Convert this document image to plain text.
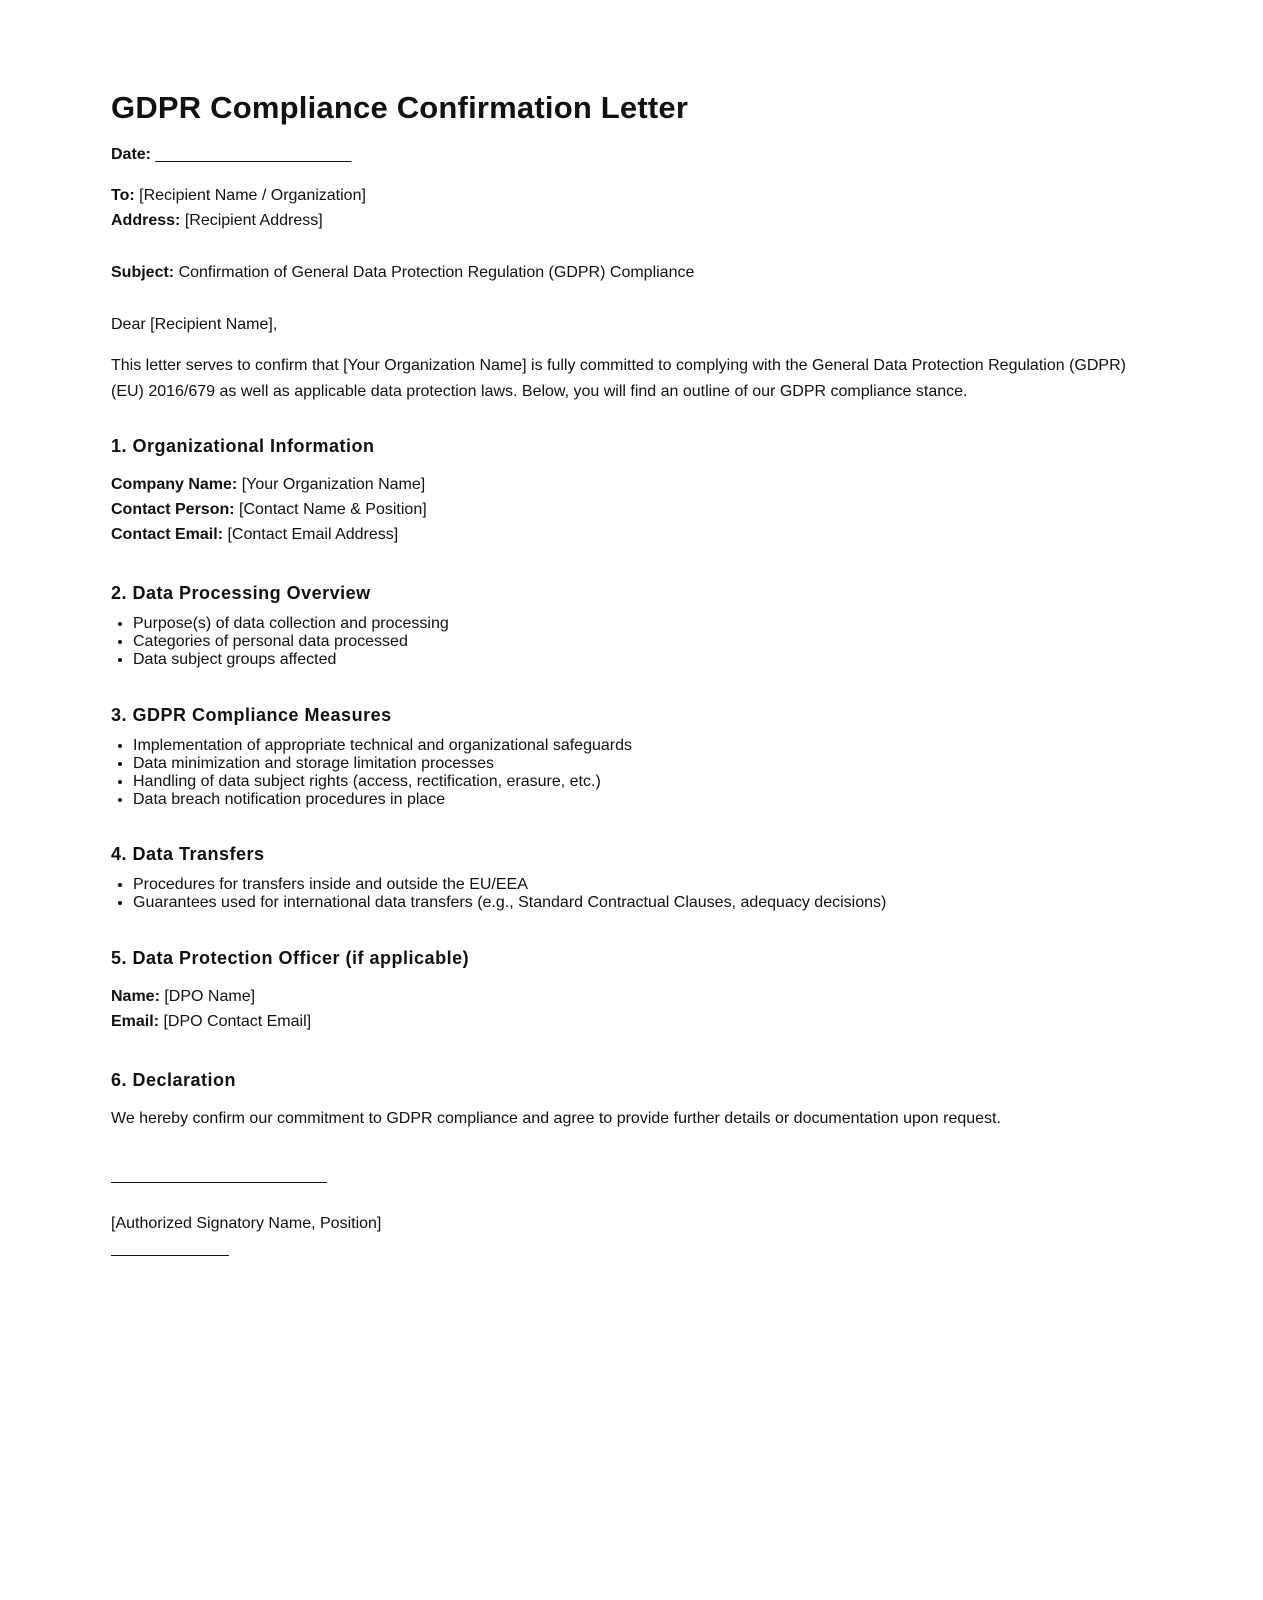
GDPR Compliance Confirmation Letter

Date: ______________________

To: [Recipient Name / Organization]

Address: [Recipient Address]

Subject: Confirmation of General Data Protection Regulation (GDPR) Compliance

Dear [Recipient Name],

This letter serves to confirm that [Your Organization Name] is fully committed to complying with the General Data Protection Regulation (GDPR) (EU) 2016/679 as well as applicable data protection laws. Below, you will find an outline of our GDPR compliance stance.

1. Organizational Information

Company Name: [Your Organization Name]

Contact Person: [Contact Name & Position]

Contact Email: [Contact Email Address]

2. Data Processing Overview
• Purpose(s) of data collection and processing
• Categories of personal data processed
• Data subject groups affected
3. GDPR Compliance Measures
• Implementation of appropriate technical and organizational safeguards
• Data minimization and storage limitation processes
• Handling of data subject rights (access, rectification, erasure, etc.)
• Data breach notification procedures in place
4. Data Transfers
• Procedures for transfers inside and outside the EU/EEA
• Guarantees used for international data transfers (e.g., Standard Contractual Clauses, adequacy decisions)
5. Data Protection Officer (if applicable)

Name: [DPO Name]

Email: [DPO Contact Email]

6. Declaration

We hereby confirm our commitment to GDPR compliance and agree to provide further details or documentation upon request.

[Authorized Signatory Name, Position]
